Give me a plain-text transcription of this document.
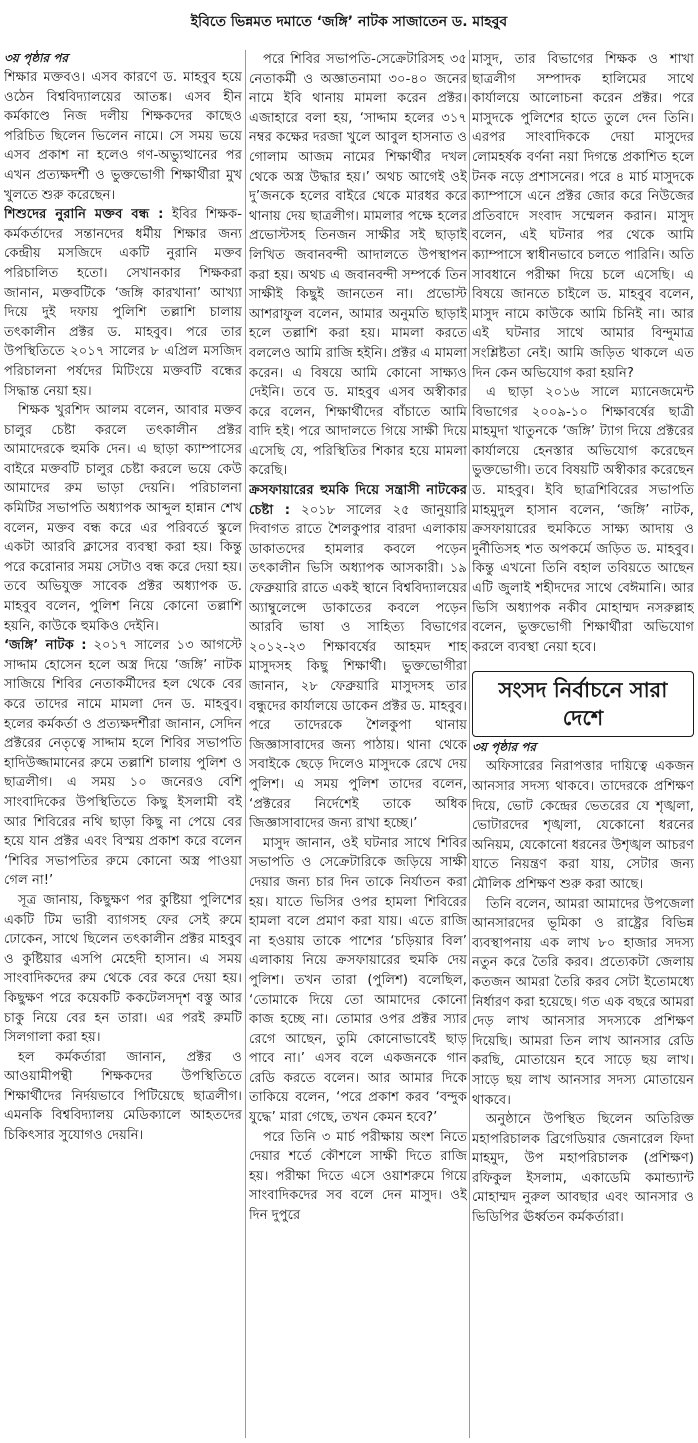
ইবিতে ভিন্নমত দমাতে ‘জঙ্গি’ নাটক সাজাতেন ড. মাহবুব
৩য় পৃষ্ঠার পর

শিক্ষার মক্তবও। এসব কারণে ড. মাহবুব হয়ে ওঠেন বিশ্ববিদ্যালয়ের আতঙ্ক। এসব হীন কর্মকাণ্ডে নিজ দলীয় শিক্ষকদের কাছেও পরিচিত ছিলেন ভিলেন নামে। সে সময় ভয়ে এসব প্রকাশ না হলেও গণ-অভ্যুত্থানের পর এখন প্রত্যক্ষদর্শী ও ভুক্তভোগী শিক্ষার্থীরা মুখ খুলতে শুরু করেছেন।

শিশুদের নুরানি মক্তব বন্ধ : ইবির শিক্ষক-কর্মকর্তাদের সন্তানদের ধর্মীয় শিক্ষার জন্য কেন্দ্রীয় মসজিদে একটি নুরানি মক্তব পরিচালিত হতো। সেখানকার শিক্ষকরা জানান, মক্তবটিকে ‘জঙ্গি কারখানা’ আখ্যা দিয়ে দুই দফায় পুলিশি তল্লাশি চালায় তৎকালীন প্রক্টর ড. মাহবুব। পরে তার উপস্থিতিতে ২০১৭ সালের ৮ এপ্রিল মসজিদ পরিচালনা পর্ষদের মিটিংয়ে মক্তবটি বন্ধের সিদ্ধান্ত নেয়া হয়।

শিক্ষক খুরশিদ আলম বলেন, আবার মক্তব চালুর চেষ্টা করলে তৎকালীন প্রক্টর আমাদেরকে হুমকি দেন। এ ছাড়া ক্যাম্পাসের বাইরে মক্তবটি চালুর চেষ্টা করলে ভয়ে কেউ আমাদের রুম ভাড়া দেয়নি। পরিচালনা কমিটির সভাপতি অধ্যাপক আব্দুল হান্নান শেখ বলেন, মক্তব বন্ধ করে এর পরিবর্তে স্কুলে একটা আরবি ক্লাসের ব্যবস্থা করা হয়। কিন্তু পরে করোনার সময় সেটাও বন্ধ করে দেয়া হয়। তবে অভিযুক্ত সাবেক প্রক্টর অধ্যাপক ড. মাহবুব বলেন, পুলিশ নিয়ে কোনো তল্লাশি হয়নি, কাউকে হুমকিও দেইনি।

‘জঙ্গি’ নাটক : ২০১৭ সালের ১৩ আগস্টে সাদ্দাম হোসেন হলে অস্ত্র দিয়ে ‘জঙ্গি’ নাটক সাজিয়ে শিবির নেতাকর্মীদের হল থেকে বের করে তাদের নামে মামলা দেন ড. মাহবুব। হলের কর্মকর্তা ও প্রত্যক্ষদর্শীরা জানান, সেদিন প্রক্টরের নেতৃত্বে সাদ্দাম হলে শিবির সভাপতি হাদিউজ্জামানের রুমে তল্লাশি চালায় পুলিশ ও ছাত্রলীগ। এ সময় ১০ জনেরও বেশি সাংবাদিকের উপস্থিতিতে কিছু ইসলামী বই আর শিবিরের নথি ছাড়া কিছু না পেয়ে বের হয়ে যান প্রক্টর এবং বিস্ময় প্রকাশ করে বলেন ‘শিবির সভাপতির রুমে কোনো অস্ত্র পাওয়া গেল না!’

সূত্র জানায়, কিছুক্ষণ পর কুষ্টিয়া পুলিশের একটি টিম ভারী ব্যাগসহ ফের সেই রুমে ঢোকেন, সাথে ছিলেন তৎকালীন প্রক্টর মাহবুব ও কুষ্টিয়ার এসপি মেহেদী হাসান। এ সময় সাংবাদিকদের রুম থেকে বের করে দেয়া হয়। কিছুক্ষণ পরে কয়েকটি ককটেলসদৃশ বস্তু আর চাকু নিয়ে বের হন তারা। এর পরই রুমটি সিলগালা করা হয়।

হল কর্মকর্তারা জানান, প্রক্টর ও আওয়ামীপন্থী শিক্ষকদের উপস্থিতিতে শিক্ষার্থীদের নির্দয়ভাবে পিটিয়েছে ছাত্রলীগ। এমনকি বিশ্ববিদ্যালয় মেডিক্যালে আহতদের চিকিৎসার সুযোগও দেয়নি।

পরে শিবির সভাপতি-সেক্রেটারিসহ ৩৫ নেতাকর্মী ও অজ্ঞাতনামা ৩০-৪০ জনের নামে ইবি থানায় মামলা করেন প্রক্টর। এজাহারে বলা হয়, ‘সাদ্দাম হলের ৩১৭ নম্বর কক্ষের দরজা খুলে আবুল হাসনাত ও গোলাম আজম নামের শিক্ষার্থীর দখল থেকে অস্ত্র উদ্ধার হয়।’ অথচ আগেই ওই দু’জনকে হলের বাইরে থেকে মারধর করে থানায় দেয় ছাত্রলীগ। মামলার পক্ষে হলের প্রভোস্টসহ তিনজন সাক্ষীর সই ছাড়াই লিখিত জবানবন্দী আদালতে উপস্থাপন করা হয়। অথচ এ জবানবন্দী সম্পর্কে তিন সাক্ষীই কিছুই জানতেন না। প্রভোস্ট আশরাফুল বলেন, আমার অনুমতি ছাড়াই হলে তল্লাশি করা হয়। মামলা করতে বললেও আমি রাজি হইনি। প্রক্টর এ মামলা করেন। এ বিষয়ে আমি কোনো সাক্ষ্যও দেইনি। তবে ড. মাহবুব এসব অস্বীকার করে বলেন, শিক্ষার্থীদের বাঁচাতে আমি বাদি হই। পরে আদালতে গিয়ে সাক্ষী দিয়ে এসেছি যে, পরিস্থিতির শিকার হয়ে মামলা করেছি।

ক্রসফায়ারের হুমকি দিয়ে সন্ত্রাসী নাটকের চেষ্টা : ২০১৮ সালের ২৫ জানুয়ারি দিবাগত রাতে শৈলকুপার বারদা এলাকায় ডাকাতদের হামলার কবলে পড়েন তৎকালীন ভিসি অধ্যাপক আসকারী। ১৯ ফেব্রুয়ারি রাতে একই স্থানে বিশ্ববিদ্যালয়ের অ্যাম্বুলেন্সে ডাকাতের কবলে পড়েন আরবি ভাষা ও সাহিত্য বিভাগের ২০১২-২৩ শিক্ষাবর্ষের আহমদ শাহ মাসুদসহ কিছু শিক্ষার্থী। ভুক্তভোগীরা জানান, ২৮ ফেব্রুয়ারি মাসুদসহ তার বন্ধুদের কার্যালয়ে ডাকেন প্রক্টর ড. মাহবুব। পরে তাদেরকে শৈলকুপা থানায় জিজ্ঞাসাবাদের জন্য পাঠায়। থানা থেকে সবাইকে ছেড়ে দিলেও মাসুদকে রেখে দেয় পুলিশ। এ সময় পুলিশ তাদের বলেন, ‘প্রক্টরের নির্দেশেই তাকে অধিক জিজ্ঞাসাবাদের জন্য রাখা হচ্ছে।’

মাসুদ জানান, ওই ঘটনার সাথে শিবির সভাপতি ও সেক্রেটারিকে জড়িয়ে সাক্ষী দেয়ার জন্য চার দিন তাকে নির্যাতন করা হয়। যাতে ভিসির ওপর হামলা শিবিরের হামলা বলে প্রমাণ করা যায়। এতে রাজি না হওয়ায় তাকে পাশের ‘চড়িয়ার বিল’ এলাকায় নিয়ে ক্রসফায়ারের হুমকি দেয় পুলিশ। তখন তারা (পুলিশ) বলেছিল, ‘তোমাকে দিয়ে তো আমাদের কোনো কাজ হচ্ছে না। তোমার ওপর প্রক্টর স্যার রেগে আছেন, তুমি কোনোভাবেই ছাড় পাবে না।’ এসব বলে একজনকে গান রেডি করতে বলেন। আর আমার দিকে তাকিয়ে বলেন, ‘পরে প্রকাশ করব ‘বন্দুক যুদ্ধে’ মারা গেছে, তখন কেমন হবে?’

পরে তিনি ৩ মার্চ পরীক্ষায় অংশ নিতে দেয়ার শর্তে কৌশলে সাক্ষী দিতে রাজি হয়। পরীক্ষা দিতে এসে ওয়াশরুমে গিয়ে সাংবাদিকদের সব বলে দেন মাসুদ। ওই দিন দুপুরে

মাসুদ, তার বিভাগের শিক্ষক ও শাখা ছাত্রলীগ সম্পাদক হালিমের সাথে কার্যালয়ে আলোচনা করেন প্রক্টর। পরে মাসুদকে পুলিশের হাতে তুলে দেন তিনি। এরপর সাংবাদিককে দেয়া মাসুদের লোমহর্ষক বর্ণনা নয়া দিগন্তে প্রকাশিত হলে টনক নড়ে প্রশাসনের। পরে ৪ মার্চ মাসুদকে ক্যাম্পাসে এনে প্রক্টর জোর করে নিউজের প্রতিবাদে সংবাদ সম্মেলন করান। মাসুদ বলেন, এই ঘটনার পর থেকে আমি ক্যাম্পাসে স্বাধীনভাবে চলতে পারিনি। অতি সাবধানে পরীক্ষা দিয়ে চলে এসেছি। এ বিষয়ে জানতে চাইলে ড. মাহবুব বলেন, মাসুদ নামে কাউকে আমি চিনিই না। আর এই ঘটনার সাথে আমার বিন্দুমাত্র সংশ্লিষ্টতা নেই। আমি জড়িত থাকলে এত দিন কেন অভিযোগ করা হয়নি?

এ ছাড়া ২০১৬ সালে ম্যানেজমেন্ট বিভাগের ২০০৯-১০ শিক্ষাবর্ষের ছাত্রী মাহমুদা খাতুনকে ‘জঙ্গি’ ট্যাগ দিয়ে প্রক্টরের কার্যালয়ে হেনস্তার অভিযোগ করেছেন ভুক্তভোগী। তবে বিষয়টি অস্বীকার করেছেন ড. মাহবুব। ইবি ছাত্রশিবিরের সভাপতি মাহমুদুল হাসান বলেন, ‘জঙ্গি’ নাটক, ক্রসফায়ারের হুমকিতে সাক্ষ্য আদায় ও দুর্নীতিসহ শত অপকর্মে জড়িত ড. মাহবুব। কিন্তু এখনো তিনি বহাল তবিয়তে আছেন এটি জুলাই শহীদদের সাথে বেঈমানি। আর ভিসি অধ্যাপক নকীব মোহাম্মদ নসরুল্লাহ বলেন, ভুক্তভোগী শিক্ষার্থীরা অভিযোগ করলে ব্যবস্থা নেয়া হবে।

সংসদ নির্বাচনে সারা দেশে
৩য় পৃষ্ঠার পর

অফিসারের নিরাপত্তার দায়িত্বে একজন আনসার সদস্য থাকবে। তাদেরকে প্রশিক্ষণ দিয়ে, ভোট কেন্দ্রের ভেতরের যে শৃঙ্খলা, ভোটারদের শৃঙ্খলা, যেকোনো ধরনের অনিয়ম, যেকোনো ধরনের উশৃঙ্খল আচরণ যাতে নিয়ন্ত্রণ করা যায়, সেটার জন্য মৌলিক প্রশিক্ষণ শুরু করা আছে।

তিনি বলেন, আমরা আমাদের উপজেলা আনসারদের ভূমিকা ও রাষ্ট্রের বিভিন্ন ব্যবস্থাপনায় এক লাখ ৮০ হাজার সদস্য নতুন করে তৈরি করব। প্রত্যেকটা জেলায় কতজন আমরা তৈরি করব সেটা ইতোমধ্যে নির্ধারণ করা হয়েছে। গত এক বছরে আমরা দেড় লাখ আনসার সদস্যকে প্রশিক্ষণ দিয়েছি। আমরা তিন লাখ আনসার রেডি করছি, মোতায়েন হবে সাড়ে ছয় লাখ। সাড়ে ছয় লাখ আনসার সদস্য মোতায়েন থাকবে।

অনুষ্ঠানে উপস্থিত ছিলেন অতিরিক্ত মহাপরিচালক ব্রিগেডিয়ার জেনারেল ফিদা মাহমুদ, উপ মহাপরিচালক (প্রশিক্ষণ) রফিকুল ইসলাম, একাডেমি কমান্ড্যান্ট মোহাম্মদ নুরুল আবছার এবং আনসার ও ভিডিপির ঊর্ধ্বতন কর্মকর্তারা।
